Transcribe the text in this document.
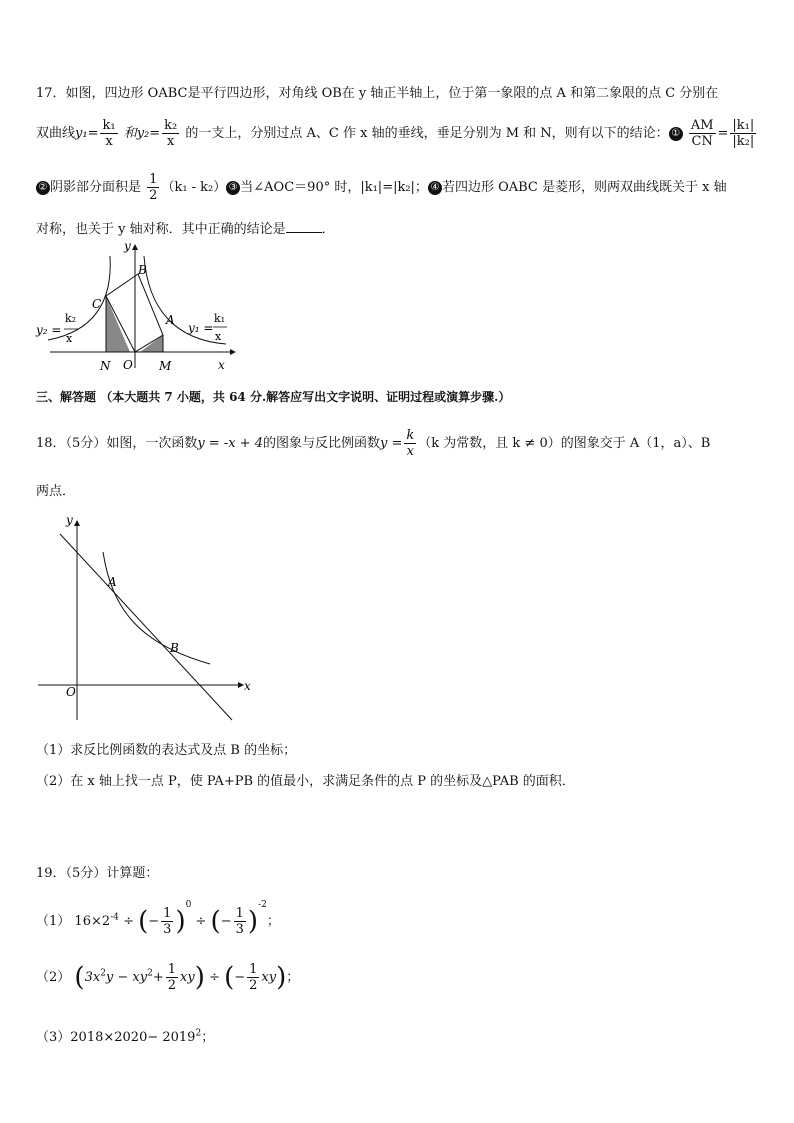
17．如图，四边形 OABC是平行四边形，对角线 OB在 y 轴正半轴上，位于第一象限的点 A 和第二象限的点 C 分别在
双曲线$y_1= \frac{\text{k₁}}{x}$ 和$y_2= \frac{\text{k₂}}{x}$ 的一支上，分别过点 A、C 作 x 轴的垂线，垂足分别为 M 和 N，则有以下的结论： ① $\frac{AM}{CN} = \frac{\text{|k₁|}}{\text{|k₂|}}$
② 阴影部分面积是 $\frac{1}{2} (k_1 - k_2)$ ③ 当∠AOC＝90° 时，|k₁|=|k₂|； ④ 若四边形 OABC 是菱形，则两双曲线既关于 x 轴
对称，也关于 y 轴对称．其中正确的结论是	．
y
x
B
C
A
N O M
y₂ =
k₂
x
y₁ =
k₁
x
三、解答题 （本大题共 7 小题，共 64 分.解答应写出文字说明、证明过程或演算步骤.）
18．（5分）如图，一次函数y = -x + 4的图象与反比例函数$y = \frac{k}{x} (k$ 为常数，且 k ≠ 0）的图象交于 A（1，a）、B
两点．
y
x
A
B
O
（1）求反比例函数的表达式及点 B 的坐标；
（2）在 x 轴上找一点 P，使 PA+PB 的值最小，求满足条件的点 P 的坐标及△PAB 的面积．
19．（5分）计算题：
（1） $16\times 2^{-4}$ ÷ (− $\frac{1}{3} )^0$ ÷ (− $\frac{1}{3} )^{-2}$；
（2） $(3x^2y - xy^2+ \frac{1}{2} xy)$ ÷ (− $\frac{1}{2} xy$)；
$(3)2018\times 2020- 2019^2$；
